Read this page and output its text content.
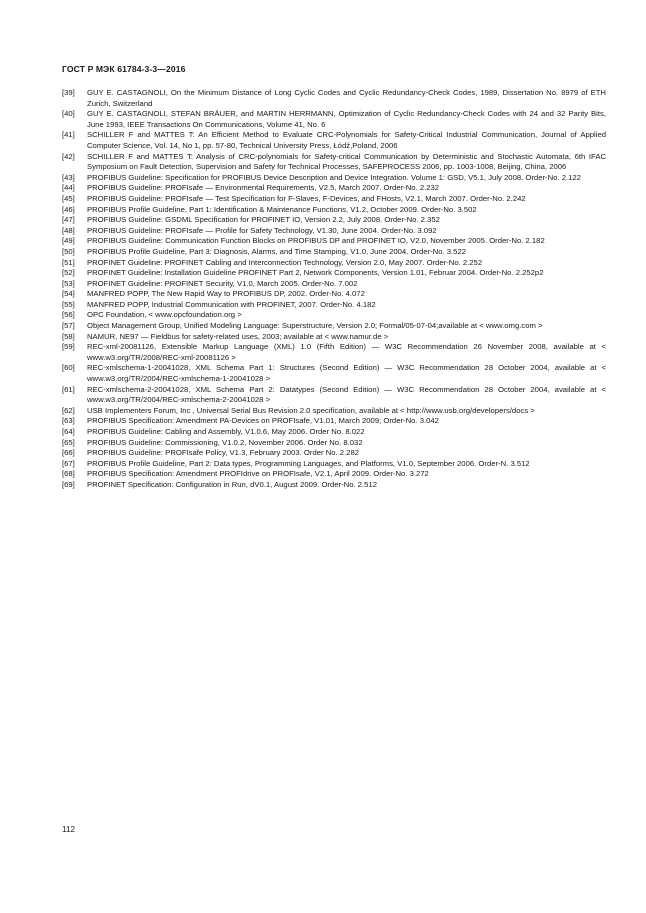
ГОСТ Р МЭК 61784-3-3—2016
[39] GUY E. CASTAGNOLI, On the Minimum Distance of Long Cyclic Codes and Cyclic Redundancy-Check Codes, 1989, Dissertation No. 8979 of ETH Zurich, Switzerland
[40] GUY E. CASTAGNOLI, STEFAN BRÄUER, and MARTIN HERRMANN, Optimization of Cyclic Redundancy-Check Codes with 24 and 32 Parity Bits, June 1993, IEEE Transactions On Communications, Volume 41, No. 6
[41] SCHILLER F and MATTES T: An Efficient Method to Evaluate CRC-Polynomials for Safety-Critical Industrial Communication, Journal of Applied Computer Science, Vol. 14, No 1, pp. 57-80, Technical University Press, Łódź,Poland, 2006
[42] SCHILLER F and MATTES T: Analysis of CRC-polynomials for Safety-critical Communication by Deterministic and Stochastic Automata, 6th IFAC Symposium on Fault Detection, Supervision and Safety for Technical Processes, SAFEPROCESS 2006, pp. 1003-1008, Beijing, China, 2006
[43] PROFIBUS Guideline: Specification for PROFIBUS Device Description and Device Integration. Volume 1: GSD, V5.1, July 2008. Order-No. 2.122
[44] PROFIBUS Guideline: PROFIsafe — Environmental Requirements, V2.5, March 2007. Order-No. 2.232
[45] PROFIBUS Guideline: PROFIsafe — Test Specification for F-Slaves, F-Devices, and FHosts, V2.1, March 2007. Order-No. 2.242
[46] PROFIBUS Profile Guideline, Part 1: Identification & Maintenance Functions, V1.2, October 2009. Order-No. 3.502
[47] PROFIBUS Guideline: GSDML Specification for PROFINET IO, Version 2.2, July 2008. Order-No. 2.352
[48] PROFIBUS Guideline: PROFIsafe — Profile for Safety Technology, V1.30, June 2004. Order-No. 3.092
[49] PROFIBUS Guideline: Communication Function Blocks on PROFIBUS DP and PROFINET IO, V2.0, November 2005. Order-No. 2.182
[50] PROFIBUS Profile Guideline, Part 3: Diagnosis, Alarms, and Time Stamping, V1.0, June 2004. Order-No. 3.522
[51] PROFINET Guideline: PROFINET Cabling and Interconnection Technology, Version 2.0, May 2007. Order-No. 2.252
[52] PROFINET Guideline: Installation Guideline PROFINET Part 2, Network Components, Version 1.01, Februar 2004. Order-No. 2.252p2
[53] PROFINET Guideline: PROFINET Security, V1.0, March 2005. Order-No. 7.002
[54] MANFRED POPP, The New Rapid Way to PROFIBUS DP, 2002. Order-No. 4.072
[55] MANFRED POPP, Industrial Communication with PROFINET, 2007. Order-No. 4.182
[56] OPC Foundation, < www.opcfoundation.org >
[57] Object Management Group, Unified Modeling Language: Superstructure, Version 2.0; Formal/05-07-04;available at < www.omg.com >
[58] NAMUR, NE97 — Fieldbus for safety-related uses, 2003; available at < www.namur.de >
[59] REC-xml-20081126, Extensible Markup Language (XML) 1.0 (Fifth Edition) — W3C Recommendation 26 November 2008, available at < www.w3.org/TR/2008/REC-xml-20081126 >
[60] REC-xmlschema-1-20041028, XML Schema Part 1: Structures (Second Edition) — W3C Recommendation 28 October 2004, available at < www.w3.org/TR/2004/REC-xmlschema-1-20041028 >
[61] REC-xmlschema-2-20041028, XML Schema Part 2: Datatypes (Second Edition) — W3C Recommendation 28 October 2004, available at < www.w3.org/TR/2004/REC-xmlschema-2-20041028 >
[62] USB Implementers Forum, Inc , Universal Serial Bus Revision 2.0 specification, available at < http://www.usb.org/developers/docs >
[63] PROFIBUS Specification: Amendment PA-Devices on PROFIsafe, V1.01, March 2009; Order-No. 3.042
[64] PROFIBUS Guideline: Cabling and Assembly, V1.0.6, May 2006. Order No. 8.022
[65] PROFIBUS Guideline: Commissioning, V1.0.2, November 2006. Order No. 8.032
[66] PROFIBUS Guideline: PROFIsafe Policy, V1.3, February 2003. Order No. 2.282
[67] PROFIBUS Profile Guideline, Part 2: Data types, Programming Languages, and Platforms, V1.0, September 2006. Order-N. 3.512
[68] PROFIBUS Specification: Amendment PROFIdrive on PROFIsafe, V2.1, April 2009. Order-No. 3.272
[69] PROFINET Specification: Configuration in Run, dV0.1, August 2009. Order-No. 2.512
112
